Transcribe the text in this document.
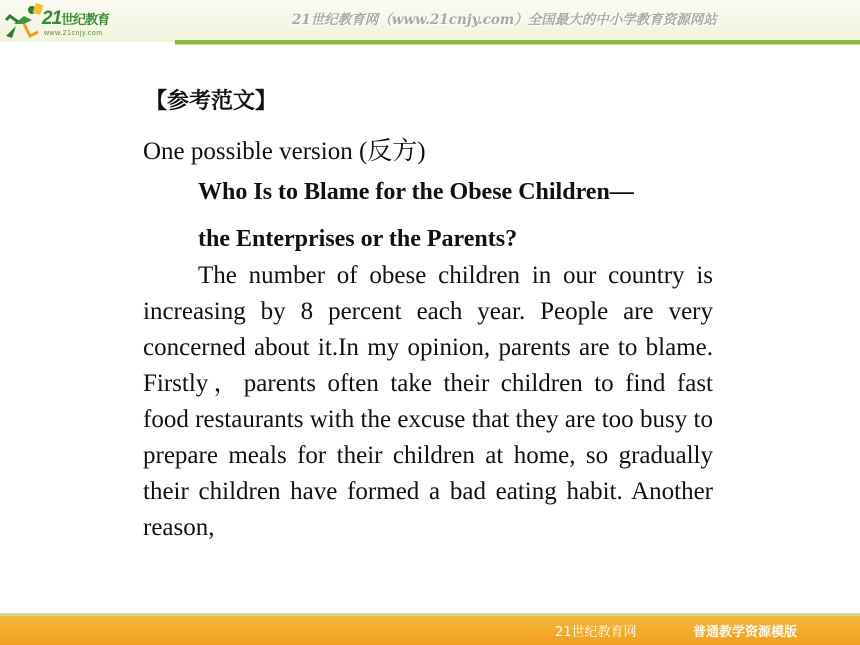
21世纪教育
www.21cnjy.com
21世纪教育网（www.21cnjy.com）全国最大的中小学教育资源网站
【参考范文】
One possible version (反方)
Who Is to Blame for the Obese Children—
the Enterprises or the Parents?
The number of obese children in our country is increasing by 8 percent each year. People are very concerned about it.In my opinion, parents are to blame. Firstly，parents often take their children to find fast food restaurants with the excuse that they are too busy to prepare meals for their children at home, so gradually their children have formed a bad eating habit. Another reason,
21世纪教育网	普通教学资源模版
